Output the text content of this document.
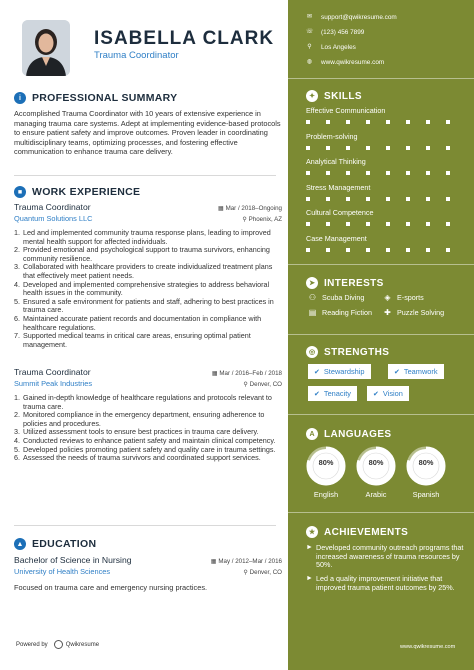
ISABELLA CLARK
Trauma Coordinator
i	PROFESSIONAL SUMMARY

Accomplished Trauma Coordinator with 10 years of extensive experience in managing trauma care systems. Adept at implementing evidence-based protocols to ensure patient safety and improve outcomes. Proven leader in coordinating multidisciplinary teams, optimizing processes, and fostering effective communication to enhance trauma care delivery.

■ WORK EXPERIENCE
Trauma Coordinator	▦ Mar / 2018–Ongoing
Quantum Solutions LLC	⚲ Phoenix, AZ
1. Led and implemented community trauma response plans, leading to improved mental health support for affected individuals.
2. Provided emotional and psychological support to trauma survivors, enhancing community resilience.
3. Collaborated with healthcare providers to create individualized treatment plans that effectively meet patient needs.
4. Developed and implemented comprehensive strategies to address behavioral health issues in the community.
5. Ensured a safe environment for patients and staff, adhering to best practices in trauma care.
6. Maintained accurate patient records and documentation in compliance with healthcare regulations.
7. Supported medical teams in critical care areas, ensuring optimal patient management.
Trauma Coordinator	▦ Mar / 2016–Feb / 2018
Summit Peak Industries	⚲ Denver, CO
1. Gained in-depth knowledge of healthcare regulations and protocols relevant to trauma care.
2. Monitored compliance in the emergency department, ensuring adherence to policies and procedures.
3. Utilized assessment tools to ensure best practices in trauma care delivery.
4. Conducted reviews to enhance patient safety and maintain clinical competency.
5. Developed policies promoting patient safety and quality care in trauma settings.
6. Assessed the needs of trauma survivors and coordinated support services.
▲ EDUCATION
Bachelor of Science in Nursing	▦ May / 2012–Mar / 2016
University of Health Sciences	⚲ Denver, CO

Focused on trauma care and emergency nursing practices.

Powered by	Qwikresume
✉ support@qwikresume.com
☏ (123) 456 7899
⚲ Los Angeles
◍ www.qwikresume.com
✦ SKILLS
Effective Communication
Problem-solving
Analytical Thinking
Stress Management
Cultural Competence
Case Management
➤ INTERESTS
⚇ Scuba Diving	◈ E-sports
▤ Reading Fiction ✚ Puzzle Solving
◎ STRENGTHS
✔ Stewardship	✔ Teamwork
✔ Tenacity	✔ Vision
A LANGUAGES
80%
English
80%
Arabic
80%
Spanish
★ ACHIEVEMENTS
► Developed community outreach programs that increased awareness of trauma resources by 50%.
► Led a quality improvement initiative that improved trauma patient outcomes by 25%.
www.qwikresume.com
